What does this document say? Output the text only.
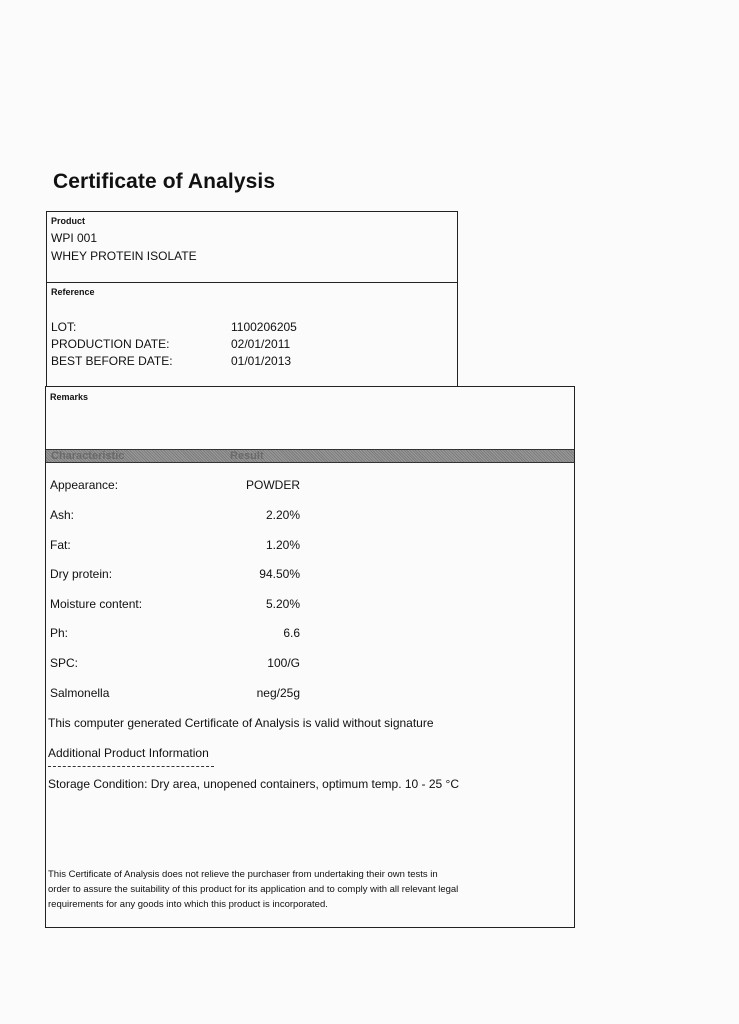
Certificate of Analysis
Product
WPI 001
WHEY PROTEIN ISOLATE
Reference
LOT:	1100206205
PRODUCTION DATE:	02/01/2011
BEST BEFORE DATE:	01/01/2013
Remarks
Characteristic	Result
Appearance:	POWDER
Ash:	2.20%
Fat:	1.20%
Dry protein:	94.50%
Moisture content:	5.20%
Ph:	6.6
SPC:	100/G
Salmonella	neg/25g
This computer generated Certificate of Analysis is valid without signature
Additional Product Information
Storage Condition: Dry area, unopened containers, optimum temp. 10 - 25 °C
This Certificate of Analysis does not relieve the purchaser from undertaking their own tests in
order to assure the suitability of this product for its application and to comply with all relevant legal
requirements for any goods into which this product is incorporated.
